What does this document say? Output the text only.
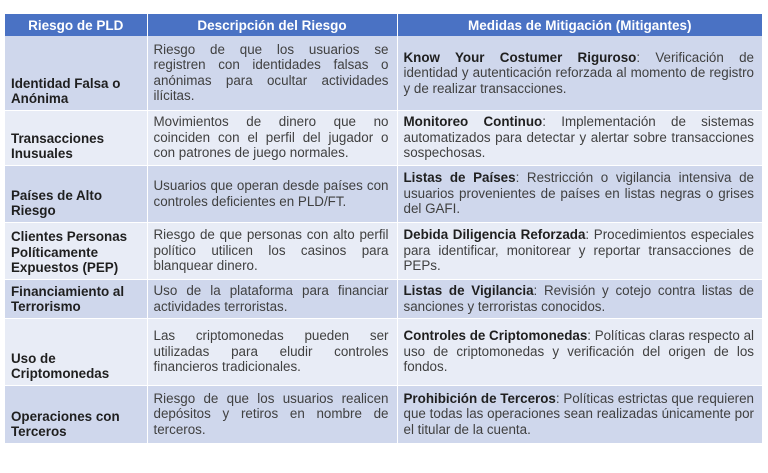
Riesgo de PLD	Descripción del Riesgo	Medidas de Mitigación (Mitigantes)
Identidad Falsa o Anónima	Riesgo de que los usuarios se registren con identidades falsas o anónimas para ocultar actividades ilícitas.	Know Your Costumer Riguroso: Verificación de identidad y autenticación reforzada al momento de registro y de realizar transacciones.
Transacciones Inusuales	Movimientos de dinero que no coinciden con el perfil del jugador o con patrones de juego normales.	Monitoreo Continuo: Implementación de sistemas automatizados para detectar y alertar sobre transacciones sospechosas.
Países de Alto Riesgo	Usuarios que operan desde países con controles deficientes en PLD/FT.	Listas de Países: Restricción o vigilancia intensiva de usuarios provenientes de países en listas negras o grises del GAFI.
Clientes Personas Políticamente Expuestos (PEP)	Riesgo de que personas con alto perfil político utilicen los casinos para blanquear dinero.	Debida Diligencia Reforzada: Procedimientos especiales para identificar, monitorear y reportar transacciones de PEPs.
Financiamiento al Terrorismo	Uso de la plataforma para financiar actividades terroristas.	Listas de Vigilancia: Revisión y cotejo contra listas de sanciones y terroristas conocidos.
Uso de Criptomonedas	Las criptomonedas pueden ser utilizadas para eludir controles financieros tradicionales.	Controles de Criptomonedas: Políticas claras respecto al uso de criptomonedas y verificación del origen de los fondos.
Operaciones con Terceros	Riesgo de que los usuarios realicen depósitos y retiros en nombre de terceros.	Prohibición de Terceros: Políticas estrictas que requieren que todas las operaciones sean realizadas únicamente por el titular de la cuenta.
